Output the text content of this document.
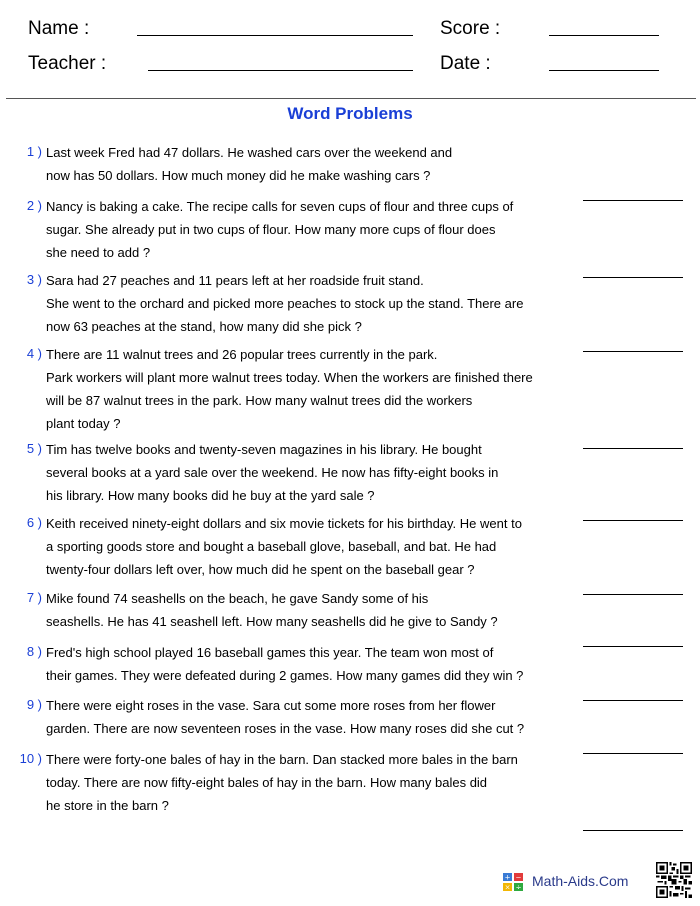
Name :	Score :
Teacher :	Date :
Word Problems
1 ) Last week Fred had 47 dollars. He washed cars over the weekend and
now has 50 dollars. How much money did he make washing cars ?
2 ) Nancy is baking a cake. The recipe calls for seven cups of flour and three cups of
sugar. She already put in two cups of flour. How many more cups of flour does
she need to add ?
3 ) Sara had 27 peaches and 11 pears left at her roadside fruit stand.
She went to the orchard and picked more peaches to stock up the stand. There are
now 63 peaches at the stand, how many did she pick ?
4 ) There are 11 walnut trees and 26 popular trees currently in the park.
Park workers will plant more walnut trees today. When the workers are finished there
will be 87 walnut trees in the park. How many walnut trees did the workers
plant today ?
5 ) Tim has twelve books and twenty-seven magazines in his library. He bought
several books at a yard sale over the weekend. He now has fifty-eight books in
his library. How many books did he buy at the yard sale ?
6 ) Keith received ninety-eight dollars and six movie tickets for his birthday. He went to
a sporting goods store and bought a baseball glove, baseball, and bat. He had
twenty-four dollars left over, how much did he spent on the baseball gear ?
7 ) Mike found 74 seashells on the beach, he gave Sandy some of his
seashells. He has 41 seashell left. How many seashells did he give to Sandy ?
8 ) Fred's high school played 16 baseball games this year. The team won most of
their games. They were defeated during 2 games. How many games did they win ?
9 ) There were eight roses in the vase. Sara cut some more roses from her flower
garden. There are now seventeen roses in the vase. How many roses did she cut ?
10 ) There were forty-one bales of hay in the barn. Dan stacked more bales in the barn
today. There are now fifty-eight bales of hay in the barn. How many bales did
he store in the barn ?
+ −
× ÷ Math-Aids.Com
